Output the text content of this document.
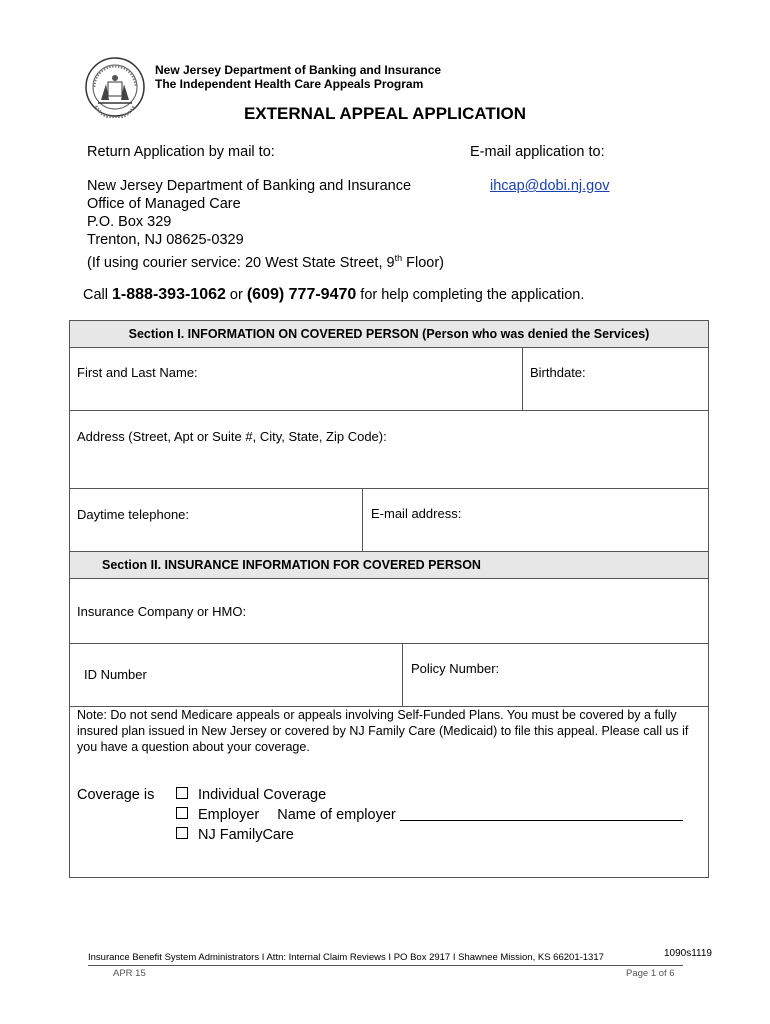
New Jersey Department of Banking and Insurance
The Independent Health Care Appeals Program
EXTERNAL APPEAL APPLICATION
Return Application by mail to:	E-mail application to:
New Jersey Department of Banking and Insurance
Office of Managed Care
P.O. Box 329
Trenton, NJ 08625-0329
(If using courier service: 20 West State Street, 9th Floor)
ihcap@dobi.nj.gov
Call 1-888-393-1062 or (609) 777-9470 for help completing the application.
Section I. INFORMATION ON COVERED PERSON (Person who was denied the Services)
First and Last Name:	Birthdate:
Address (Street, Apt or Suite #, City, State, Zip Code):
Daytime telephone:	E-mail address:
Section II. INSURANCE INFORMATION FOR COVERED PERSON
Insurance Company or HMO:
ID Number	Policy Number:
Note: Do not send Medicare appeals or appeals involving Self-Funded Plans. You must be covered by a fully insured plan issued in New Jersey or covered by NJ Family Care (Medicaid) to file this appeal. Please call us if you have a question about your coverage.
Coverage is	Individual Coverage
Employer Name of employer
NJ FamilyCare
Insurance Benefit System Administrators I Attn: Internal Claim Reviews I PO Box 2917 I Shawnee Mission, KS 66201-1317	1090s1119
APR 15	Page 1 of 6
